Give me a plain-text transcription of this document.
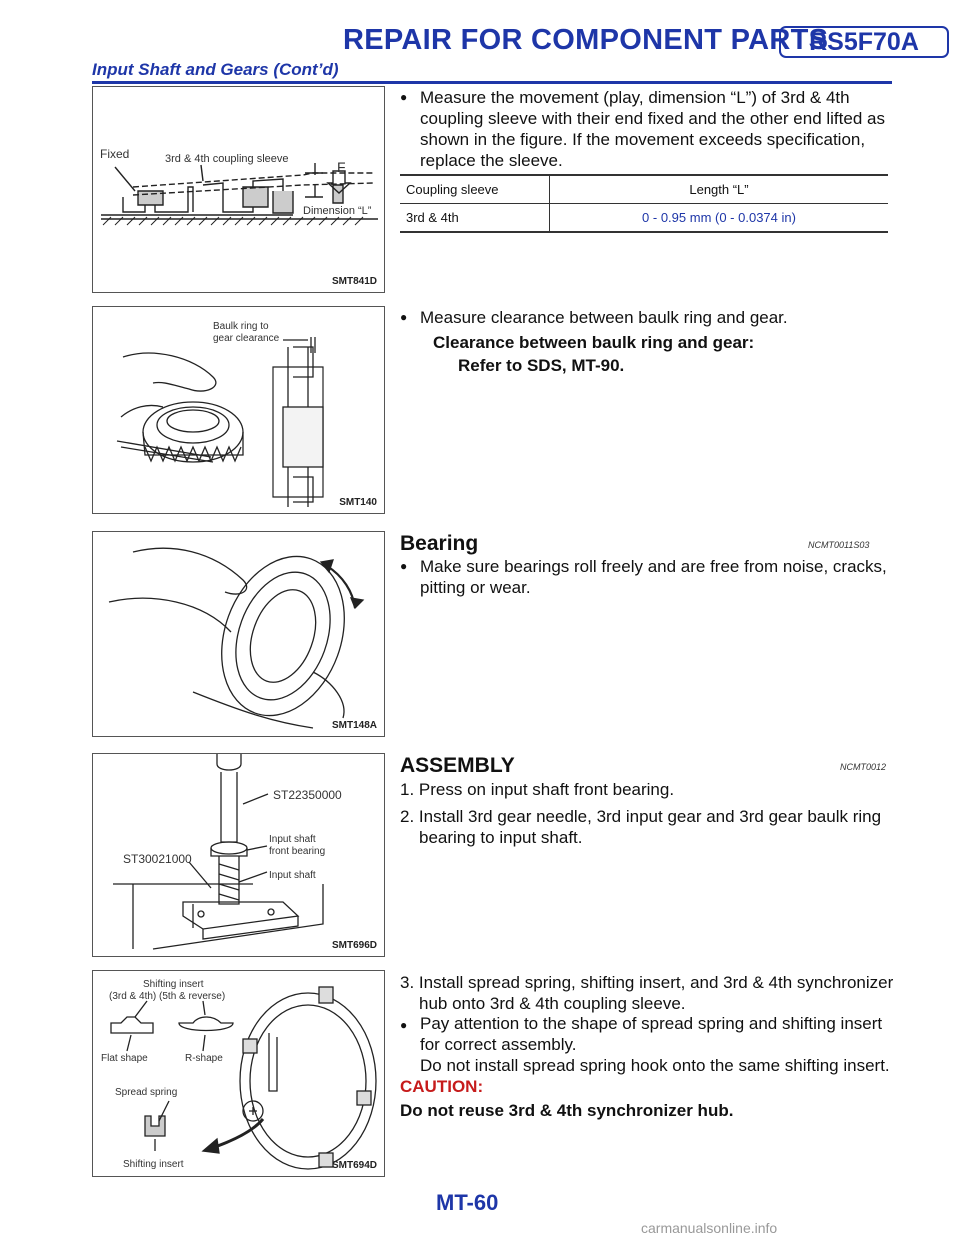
REPAIR FOR COMPONENT PARTS
RS5F70A
Input Shaft and Gears (Cont’d)
Fixed	3rd & 4th coupling sleeve	F
Dimension “L”
SMT841D
Baulk ring to
gear clearance
SMT140
SMT148A
ST22350000
ST30021000
Input shaft
front bearing
Input shaft
SMT696D
Shifting insert
(3rd & 4th) (5th & reverse)
Flat shape	R-shape
Spread spring
Shifting insert	SMT694D
● Measure the movement (play, dimension “L”) of 3rd & 4th coupling sleeve with their end fixed and the other end lifted as shown in the figure. If the movement exceeds specification, replace the sleeve.
Coupling sleeve	Length “L”
3rd & 4th	0 - 0.95 mm (0 - 0.0374 in)
● Measure clearance between baulk ring and gear.
Clearance between baulk ring and gear:
Refer to SDS, MT-90.
Bearing	NCMT0011S03
● Make sure bearings roll freely and are free from noise, cracks, pitting or wear.
ASSEMBLY	NCMT0012
1. Press on input shaft front bearing.
2. Install 3rd gear needle, 3rd input gear and 3rd gear baulk ring
bearing to input shaft.
3. Install spread spring, shifting insert, and 3rd & 4th synchronizer
hub onto 3rd & 4th coupling sleeve.
● Pay attention to the shape of spread spring and shifting insert
for correct assembly.
Do not install spread spring hook onto the same shifting insert.
CAUTION:
Do not reuse 3rd & 4th synchronizer hub.
MT-60
carmanualsonline.info
